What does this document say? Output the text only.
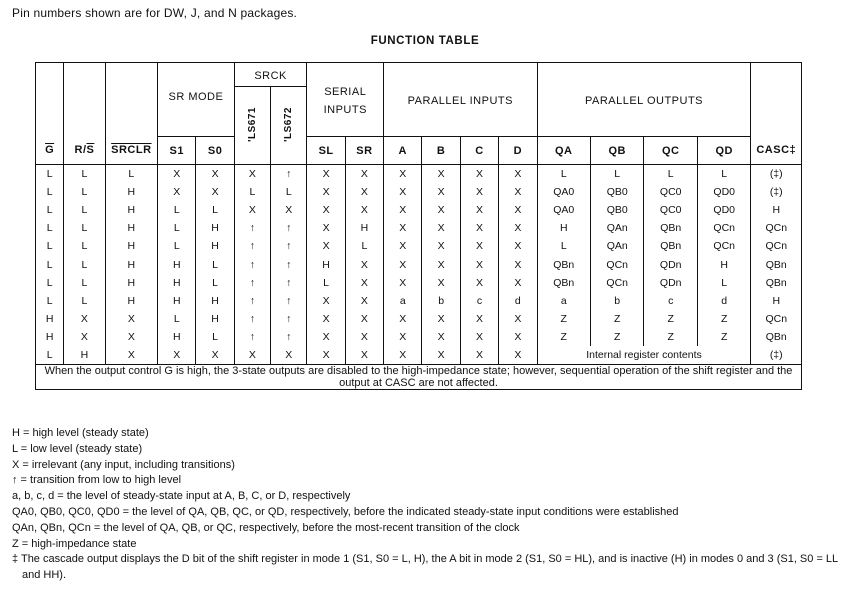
Pin numbers shown are for DW, J, and N packages.
FUNCTION TABLE
					SRCK		SERIAL INPUTS		PARALLEL INPUTS				PARALLEL OUTPUTS				
			SR MODE		'LS671	'LS672											
$\overline{G}$	$R/\overline{S}$	SRCLR	S1	S0			SL	SR	A	B	C	D	QA	QB	QC	QD	CASC‡
L	L	L	X	X	X	↑	X	X	X	X	X	X	L	L	L	L	(‡)
L	L	H	X	X	L	L	X	X	X	X	X	X	QA0	QB0	QC0	QD0	(‡)
L	L	H	L	L	X	X	X	X	X	X	X	X	QA0	QB0	QC0	QD0	H
L	L	H	L	H	↑	↑	X	H	X	X	X	X	H	QAn	QBn	QCn	QCn
L	L	H	L	H	↑	↑	X	L	X	X	X	X	L	QAn	QBn	QCn	QCn
L	L	H	H	L	↑	↑	H	X	X	X	X	X	QBn	QCn	QDn	H	QBn
L	L	H	H	L	↑	↑	L	X	X	X	X	X	QBn	QCn	QDn	L	QBn
L	L	H	H	H	↑	↑	X	X	a	b	c	d	a	b	c	d	H
H	X	X	L	H	↑	↑	X	X	X	X	X	X	Z	Z	Z	Z	QCn
H	X	X	H	L	↑	↑	X	X	X	X	X	X	Z	Z	Z	Z	QBn
L	H	X	X	X	X	X	X	X	X	X	X	X	Internal register contents				(‡)
When the output control G is high, the 3-state outputs are disabled to the high-impedance state; however, sequential operation of the shift register and the output at CASC are not affected.																	
H = high level (steady state)
L = low level (steady state)
X = irrelevant (any input, including transitions)
↑ = transition from low to high level
a, b, c, d = the level of steady-state input at A, B, C, or D, respectively
QA0, QB0, QC0, QD0 = the level of QA, QB, QC, or QD, respectively, before the indicated steady-state input conditions were established
QAn, QBn, QCn = the level of QA, QB, or QC, respectively, before the most-recent transition of the clock
Z = high-impedance state
‡ The cascade output displays the D bit of the shift register in mode 1 (S1, S0 = L, H), the A bit in mode 2 (S1, S0 = HL), and is inactive (H) in modes 0 and 3 (S1, S0 = LL and HH).
